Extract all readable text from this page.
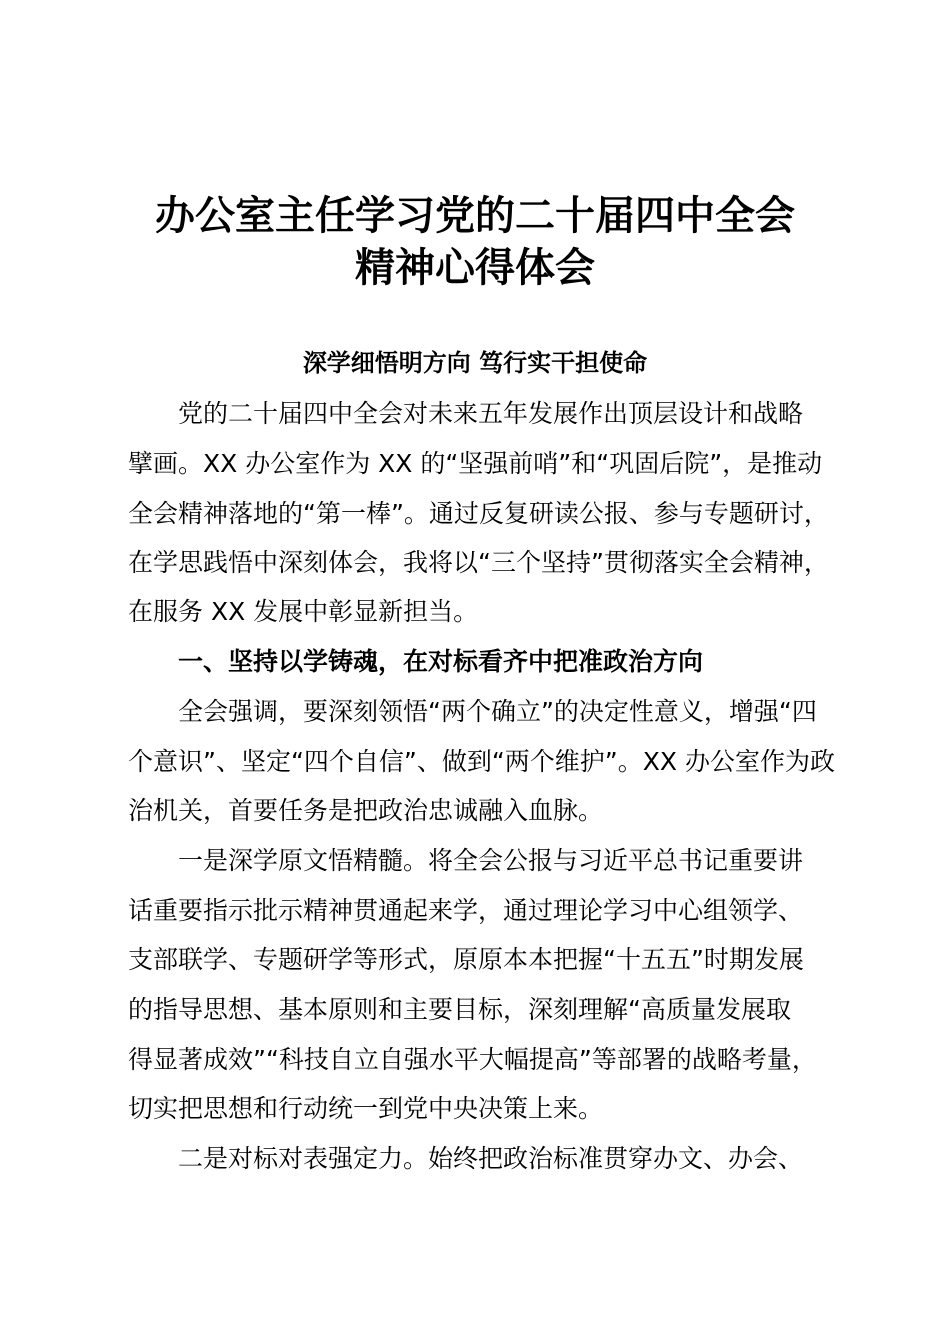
办公室主任学习党的二十届四中全会
精神心得体会
深学细悟明方向 笃行实干担使命
党的二十届四中全会对未来五年发展作出顶层设计和战略
擘画。XX 办公室作为 XX 的“坚强前哨”和“巩固后院”，是推动
全会精神落地的“第一棒”。通过反复研读公报、参与专题研讨，
在学思践悟中深刻体会，我将以“三个坚持”贯彻落实全会精神，
在服务 XX 发展中彰显新担当。
一、坚持以学铸魂，在对标看齐中把准政治方向
全会强调，要深刻领悟“两个确立”的决定性意义，增强“四
个意识”、坚定“四个自信”、做到“两个维护”。XX 办公室作为政
治机关，首要任务是把政治忠诚融入血脉。
一是深学原文悟精髓。将全会公报与习近平总书记重要讲
话重要指示批示精神贯通起来学，通过理论学习中心组领学、
支部联学、专题研学等形式，原原本本把握“十五五”时期发展
的指导思想、基本原则和主要目标，深刻理解“高质量发展取
得显著成效”“科技自立自强水平大幅提高”等部署的战略考量，
切实把思想和行动统一到党中央决策上来。
二是对标对表强定力。始终把政治标准贯穿办文、办会、
